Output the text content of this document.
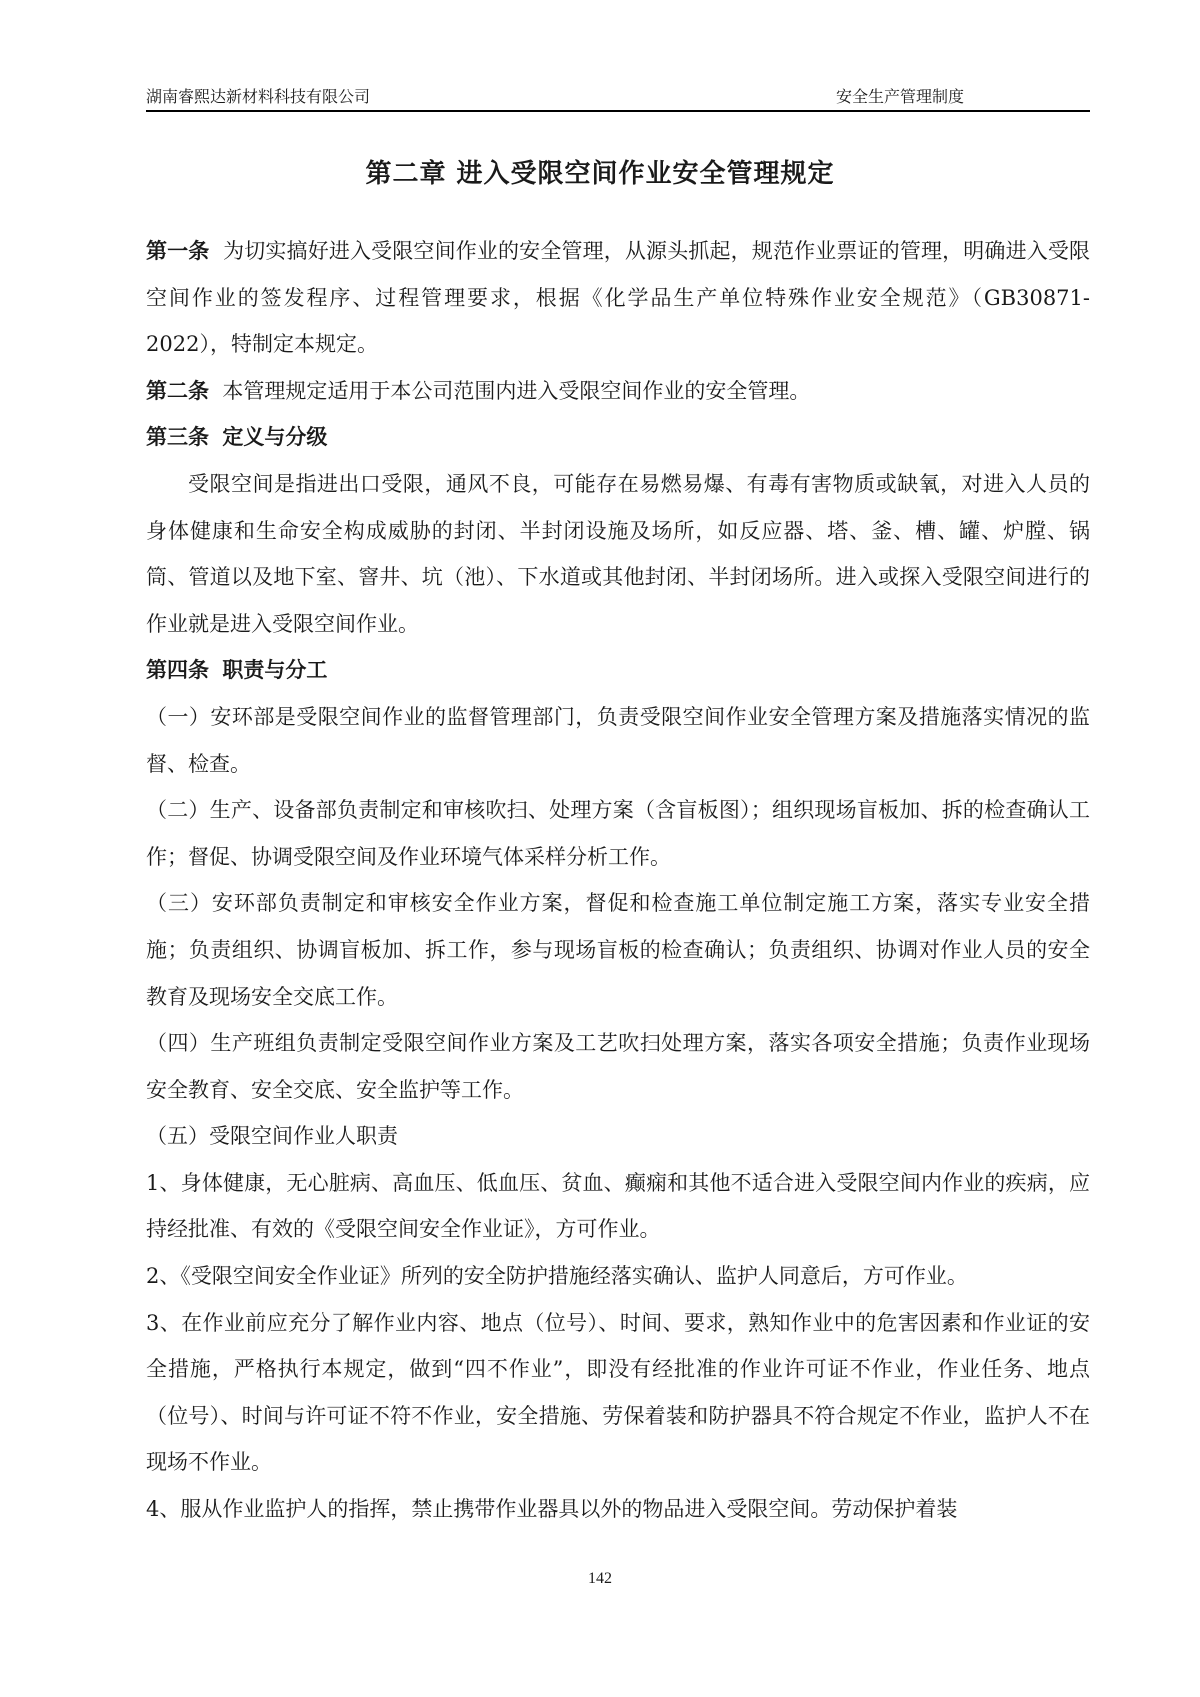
湖南睿熙达新材料科技有限公司	安全生产管理制度
第二章 进入受限空间作业安全管理规定

第一条 为切实搞好进入受限空间作业的安全管理，从源头抓起，规范作业票证的管理，明确进入受限空间作业的签发程序、过程管理要求，根据《化学品生产单位特殊作业安全规范》（GB30871-2022），特制定本规定。

第二条 本管理规定适用于本公司范围内进入受限空间作业的安全管理。

第三条 定义与分级

受限空间是指进出口受限，通风不良，可能存在易燃易爆、有毒有害物质或缺氧，对进入人员的身体健康和生命安全构成威胁的封闭、半封闭设施及场所，如反应器、塔、釜、槽、罐、炉膛、锅筒、管道以及地下室、窨井、坑（池）、下水道或其他封闭、半封闭场所。进入或探入受限空间进行的作业就是进入受限空间作业。

第四条 职责与分工

（一）安环部是受限空间作业的监督管理部门，负责受限空间作业安全管理方案及措施落实情况的监督、检查。

（二）生产、设备部负责制定和审核吹扫、处理方案（含盲板图）；组织现场盲板加、拆的检查确认工作；督促、协调受限空间及作业环境气体采样分析工作。

（三）安环部负责制定和审核安全作业方案，督促和检查施工单位制定施工方案，落实专业安全措施；负责组织、协调盲板加、拆工作，参与现场盲板的检查确认；负责组织、协调对作业人员的安全教育及现场安全交底工作。

（四）生产班组负责制定受限空间作业方案及工艺吹扫处理方案，落实各项安全措施；负责作业现场安全教育、安全交底、安全监护等工作。

（五）受限空间作业人职责

1、身体健康，无心脏病、高血压、低血压、贫血、癫痫和其他不适合进入受限空间内作业的疾病，应持经批准、有效的《受限空间安全作业证》，方可作业。

2、《受限空间安全作业证》所列的安全防护措施经落实确认、监护人同意后，方可作业。

3、在作业前应充分了解作业内容、地点（位号）、时间、要求，熟知作业中的危害因素和作业证的安全措施，严格执行本规定，做到“四不作业”，即没有经批准的作业许可证不作业，作业任务、地点（位号）、时间与许可证不符不作业，安全措施、劳保着装和防护器具不符合规定不作业，监护人不在现场不作业。

4、服从作业监护人的指挥，禁止携带作业器具以外的物品进入受限空间。劳动保护着装

142
